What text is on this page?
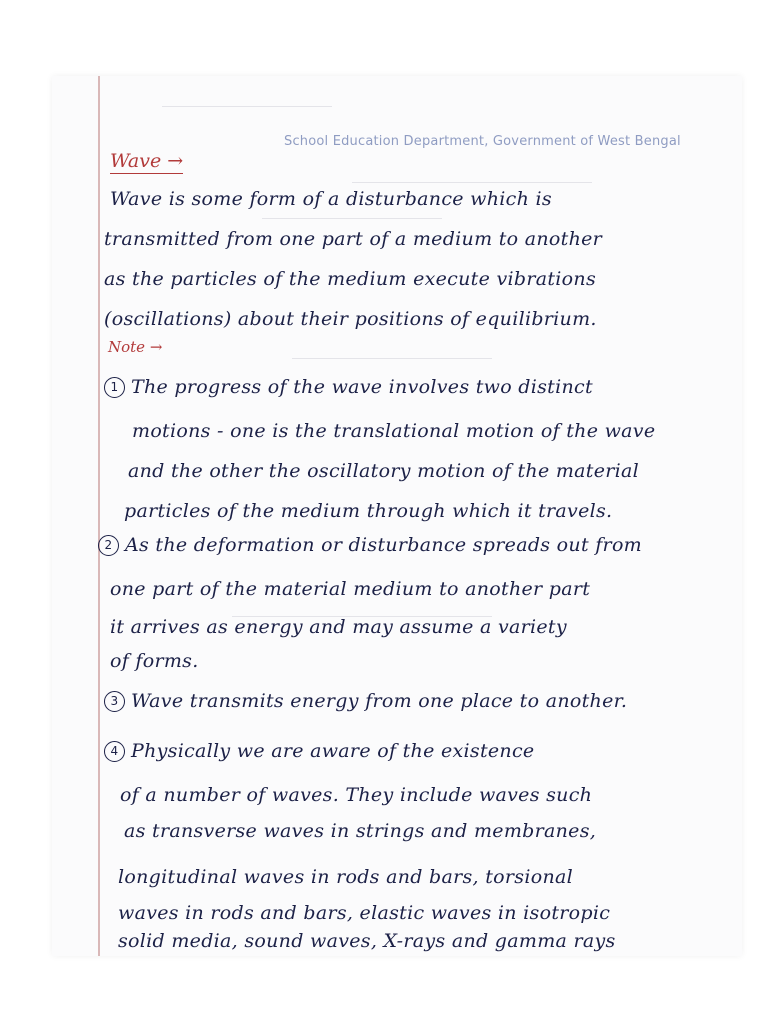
School Education Department, Government of West Bengal
Wave →
Wave is some form of a disturbance which is
transmitted from one part of a medium to another
as the particles of the medium execute vibrations
(oscillations) about their positions of equilibrium.
Note →
1 The progress of the wave involves two distinct
motions - one is the translational motion of the wave
and the other the oscillatory motion of the material
particles of the medium through which it travels.
2 As the deformation or disturbance spreads out from
one part of the material medium to another part
it arrives as energy and may assume a variety
of forms.
3 Wave transmits energy from one place to another.
4 Physically we are aware of the existence
of a number of waves. They include waves such
as transverse waves in strings and membranes,
longitudinal waves in rods and bars, torsional
waves in rods and bars, elastic waves in isotropic
solid media, sound waves, X-rays and gamma rays
